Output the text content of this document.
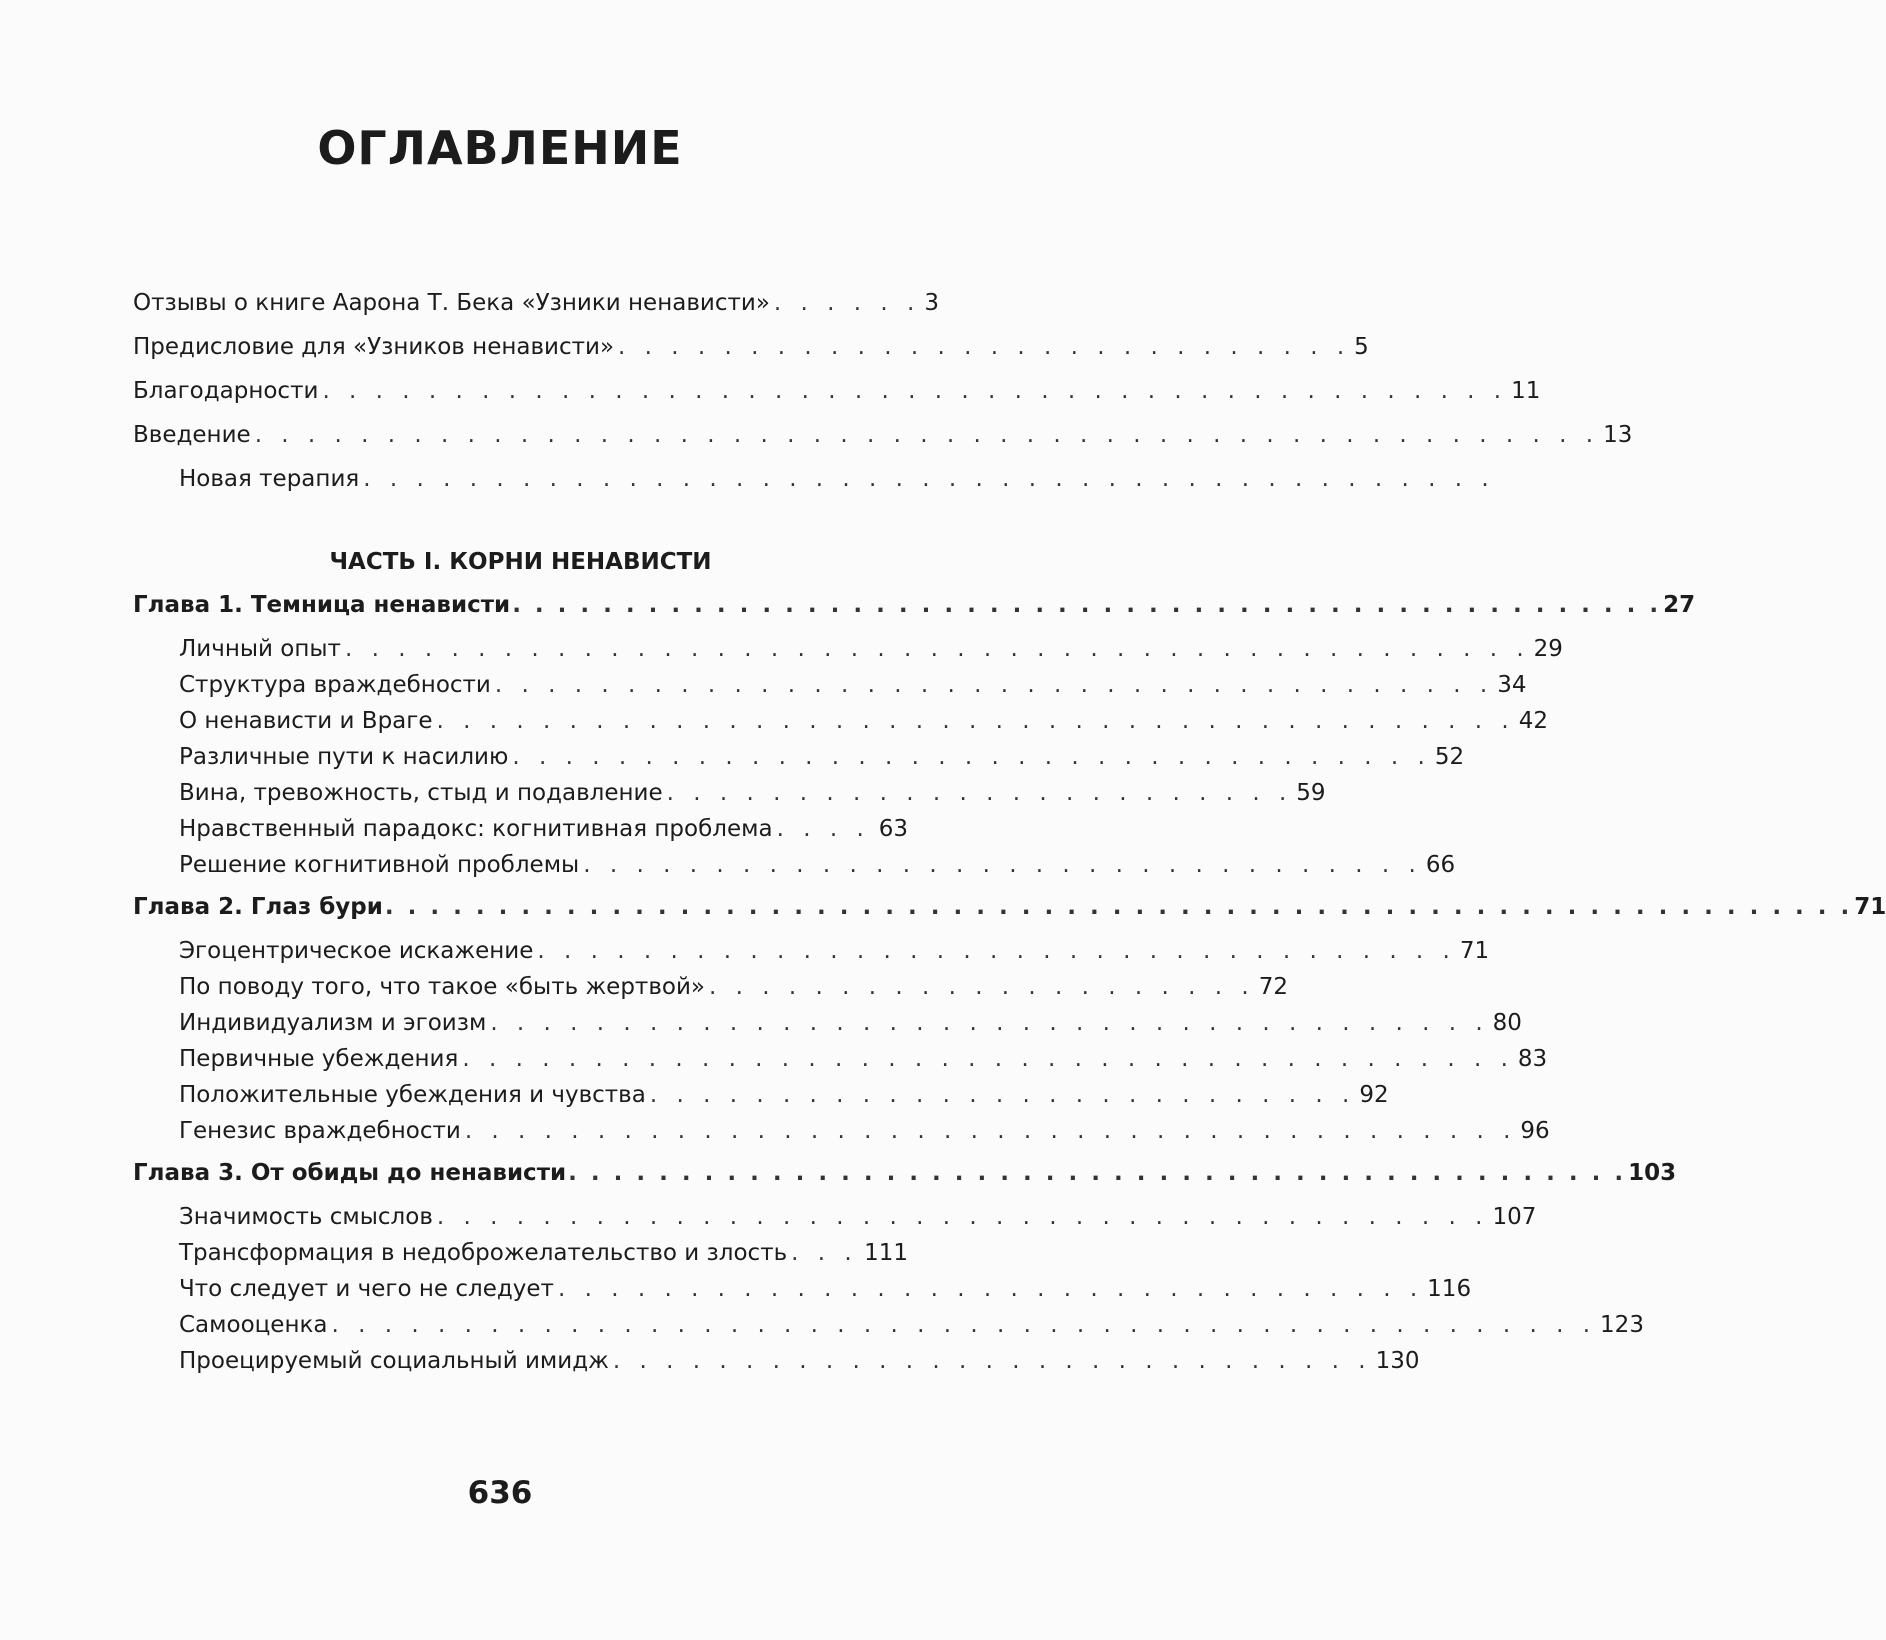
ОГЛАВЛЕНИЕ
Отзывы о книге Аарона Т. Бека «Узники ненависти» . . . . . . 3
Предисловие для «Узников ненависти» . . . . . . . . . . . . . . . . . . . . . . . . . . . . 5
Благодарности . . . . . . . . . . . . . . . . . . . . . . . . . . . . . . . . . . . . . . . . . . . . . 11
Введение . . . . . . . . . . . . . . . . . . . . . . . . . . . . . . . . . . . . . . . . . . . . . . . . . . . 13
Новая терапия . . . . . . . . . . . . . . . . . . . . . . . . . . . . . . . . . . . . . . . . . . .
ЧАСТЬ I. КОРНИ НЕНАВИСТИ
Глава 1. Темница ненависти . . . . . . . . . . . . . . . . . . . . . . . . . . . . . . . . . . . . . . . . . . . . . . . . . . . 27
Личный опыт . . . . . . . . . . . . . . . . . . . . . . . . . . . . . . . . . . . . . . . . . . . . . 29
Структура враждебности . . . . . . . . . . . . . . . . . . . . . . . . . . . . . . . . . . . . . . 34
О ненависти и Враге . . . . . . . . . . . . . . . . . . . . . . . . . . . . . . . . . . . . . . . . . 42
Различные пути к насилию . . . . . . . . . . . . . . . . . . . . . . . . . . . . . . . . . . . 52
Вина, тревожность, стыд и подавление . . . . . . . . . . . . . . . . . . . . . . . . 59
Нравственный парадокс: когнитивная проблема . . . . 63
Решение когнитивной проблемы . . . . . . . . . . . . . . . . . . . . . . . . . . . . . . . . 66
Глава 2. Глаз бури . . . . . . . . . . . . . . . . . . . . . . . . . . . . . . . . . . . . . . . . . . . . . . . . . . . . . . . . . . . . . . . . . 71
Эгоцентрическое искажение . . . . . . . . . . . . . . . . . . . . . . . . . . . . . . . . . . . 71
По поводу того, что такое «быть жертвой» . . . . . . . . . . . . . . . . . . . . . 72
Индивидуализм и эгоизм . . . . . . . . . . . . . . . . . . . . . . . . . . . . . . . . . . . . . . 80
Первичные убеждения . . . . . . . . . . . . . . . . . . . . . . . . . . . . . . . . . . . . . . . . 83
Положительные убеждения и чувства . . . . . . . . . . . . . . . . . . . . . . . . . . . 92
Генезис враждебности . . . . . . . . . . . . . . . . . . . . . . . . . . . . . . . . . . . . . . . . 96
Глава 3. От обиды до ненависти . . . . . . . . . . . . . . . . . . . . . . . . . . . . . . . . . . . . . . . . . . . . . . . 103
Значимость смыслов . . . . . . . . . . . . . . . . . . . . . . . . . . . . . . . . . . . . . . . . 107
Трансформация в недоброжелательство и злость . . . 111
Что следует и чего не следует . . . . . . . . . . . . . . . . . . . . . . . . . . . . . . . . . 116
Самооценка . . . . . . . . . . . . . . . . . . . . . . . . . . . . . . . . . . . . . . . . . . . . . . . . 123
Проецируемый социальный имидж . . . . . . . . . . . . . . . . . . . . . . . . . . . . . 130
636
